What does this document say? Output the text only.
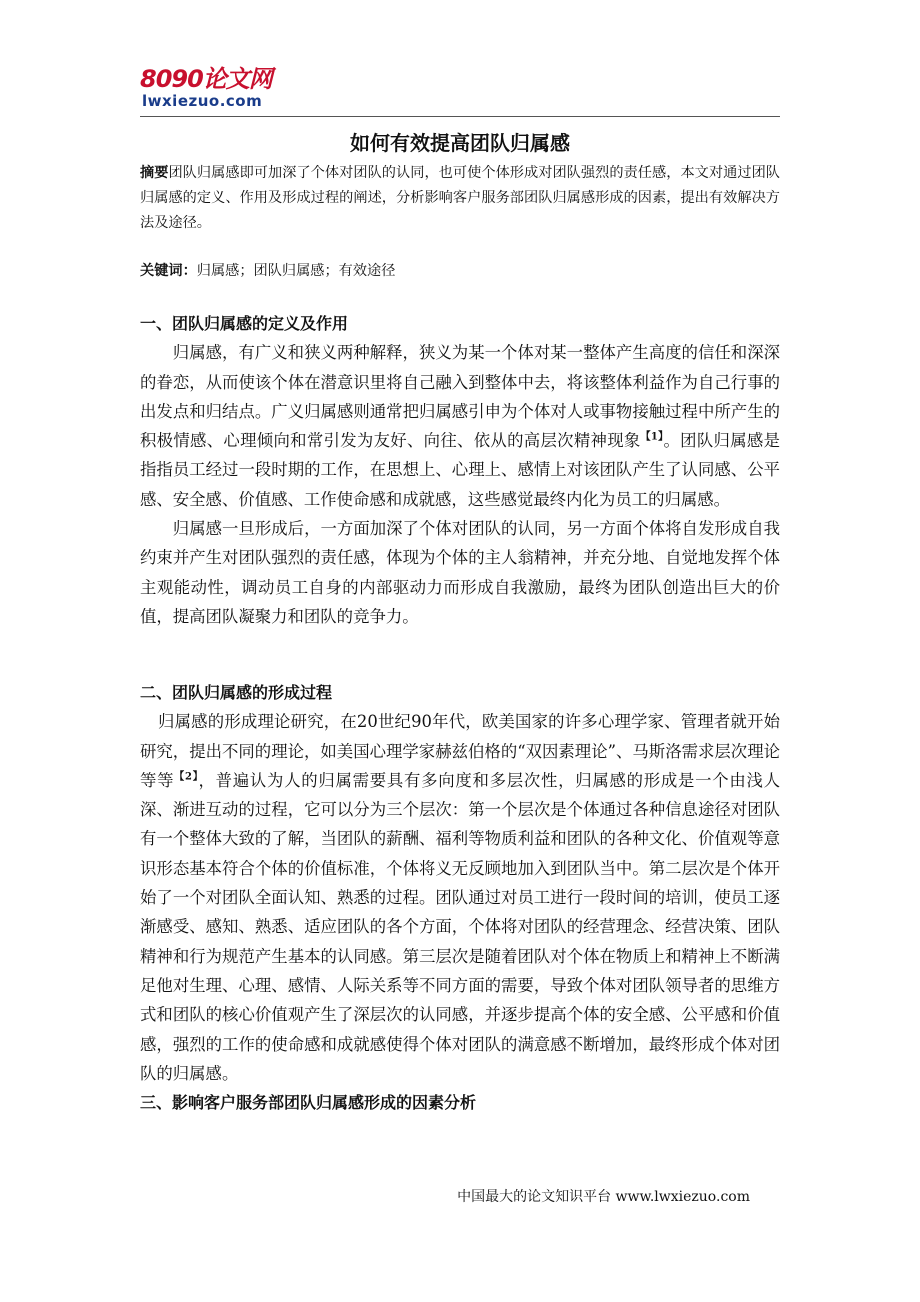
8090论文网
lwxiezuo.com
如何有效提高团队归属感
摘要团队归属感即可加深了个体对团队的认同，也可使个体形成对团队强烈的责任感，本文对通过团队归属感的定义、作用及形成过程的阐述，分析影响客户服务部团队归属感形成的因素，提出有效解决方法及途径。
关键词：归属感；团队归属感；有效途径

一、团队归属感的定义及作用

归属感，有广义和狭义两种解释，狭义为某一个体对某一整体产生高度的信任和深深的眷恋，从而使该个体在潜意识里将自己融入到整体中去，将该整体利益作为自己行事的出发点和归结点。广义归属感则通常把归属感引申为个体对人或事物接触过程中所产生的积极情感、心理倾向和常引发为友好、向往、依从的高层次精神现象$^{【1】}$。团队归属感是指指员工经过一段时期的工作，在思想上、心理上、感情上对该团队产生了认同感、公平感、安全感、价值感、工作使命感和成就感，这些感觉最终内化为员工的归属感。

归属感一旦形成后，一方面加深了个体对团队的认同，另一方面个体将自发形成自我约束并产生对团队强烈的责任感，体现为个体的主人翁精神，并充分地、自觉地发挥个体主观能动性，调动员工自身的内部驱动力而形成自我激励，最终为团队创造出巨大的价值，提高团队凝聚力和团队的竞争力。

二、团队归属感的形成过程

归属感的形成理论研究，在20世纪90年代，欧美国家的许多心理学家、管理者就开始研究，提出不同的理论，如美国心理学家赫兹伯格的“双因素理论”、马斯洛需求层次理论等等$^{【2】}$，普遍认为人的归属需要具有多向度和多层次性，归属感的形成是一个由浅人深、渐进互动的过程，它可以分为三个层次：第一个层次是个体通过各种信息途径对团队有一个整体大致的了解，当团队的薪酬、福利等物质利益和团队的各种文化、价值观等意识形态基本符合个体的价值标准，个体将义无反顾地加入到团队当中。第二层次是个体开始了一个对团队全面认知、熟悉的过程。团队通过对员工进行一段时间的培训，使员工逐渐感受、感知、熟悉、适应团队的各个方面，个体将对团队的经营理念、经营决策、团队精神和行为规范产生基本的认同感。第三层次是随着团队对个体在物质上和精神上不断满足他对生理、心理、感情、人际关系等不同方面的需要，导致个体对团队领导者的思维方式和团队的核心价值观产生了深层次的认同感，并逐步提高个体的安全感、公平感和价值感，强烈的工作的使命感和成就感使得个体对团队的满意感不断增加，最终形成个体对团队的归属感。

三、影响客户服务部团队归属感形成的因素分析

中国最大的论文知识平台 www.lwxiezuo.com
